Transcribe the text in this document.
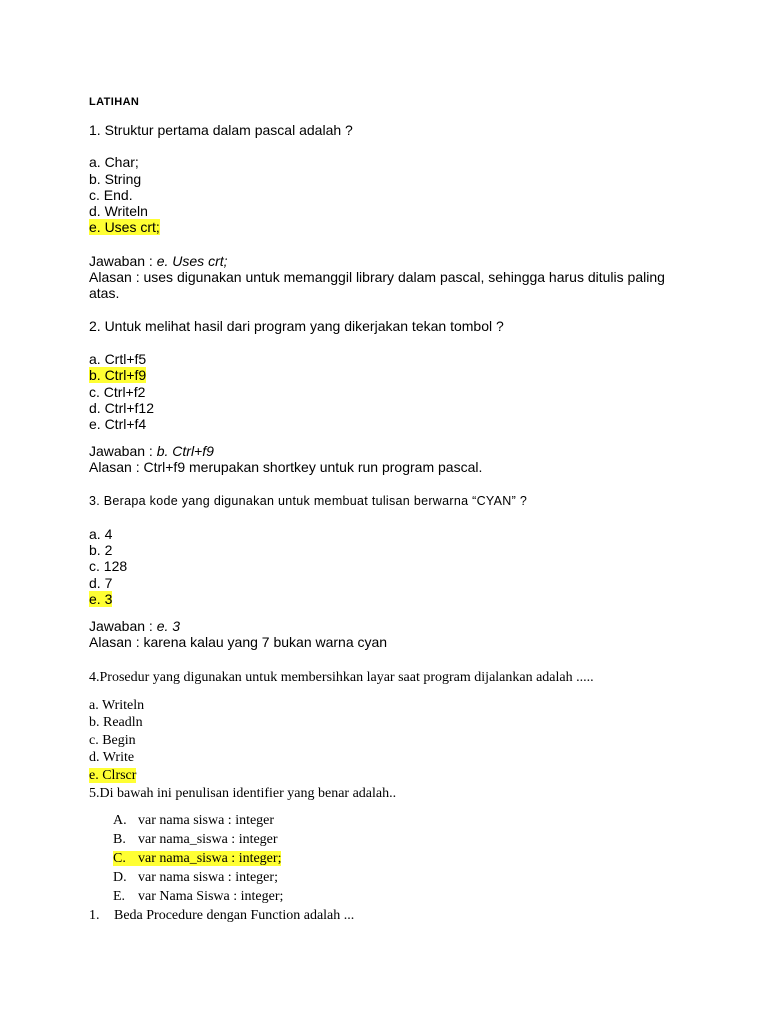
LATIHAN
1. Struktur pertama dalam pascal adalah ?
a. Char;
b. String
c. End.
d. Writeln
e. Uses crt;
Jawaban : e. Uses crt;
Alasan : uses digunakan untuk memanggil library dalam pascal, sehingga harus ditulis paling
atas.
2. Untuk melihat hasil dari program yang dikerjakan tekan tombol ?
a. Crtl+f5
b. Ctrl+f9
c. Ctrl+f2
d. Ctrl+f12
e. Ctrl+f4
Jawaban : b. Ctrl+f9
Alasan : Ctrl+f9 merupakan shortkey untuk run program pascal.
3. Berapa kode yang digunakan untuk membuat tulisan berwarna “CYAN” ?
a. 4
b. 2
c. 128
d. 7
e. 3
Jawaban : e. 3
Alasan : karena kalau yang 7 bukan warna cyan
4.Prosedur yang digunakan untuk membersihkan layar saat program dijalankan adalah .....
a. Writeln
b. Readln
c. Begin
d. Write
e. Clrscr
5.Di bawah ini penulisan identifier yang benar adalah..
A. var nama siswa : integer
B. var nama_siswa : integer
C. var nama_siswa : integer;
D. var nama siswa : integer;
E. var Nama Siswa : integer;
1. Beda Procedure dengan Function adalah ...
